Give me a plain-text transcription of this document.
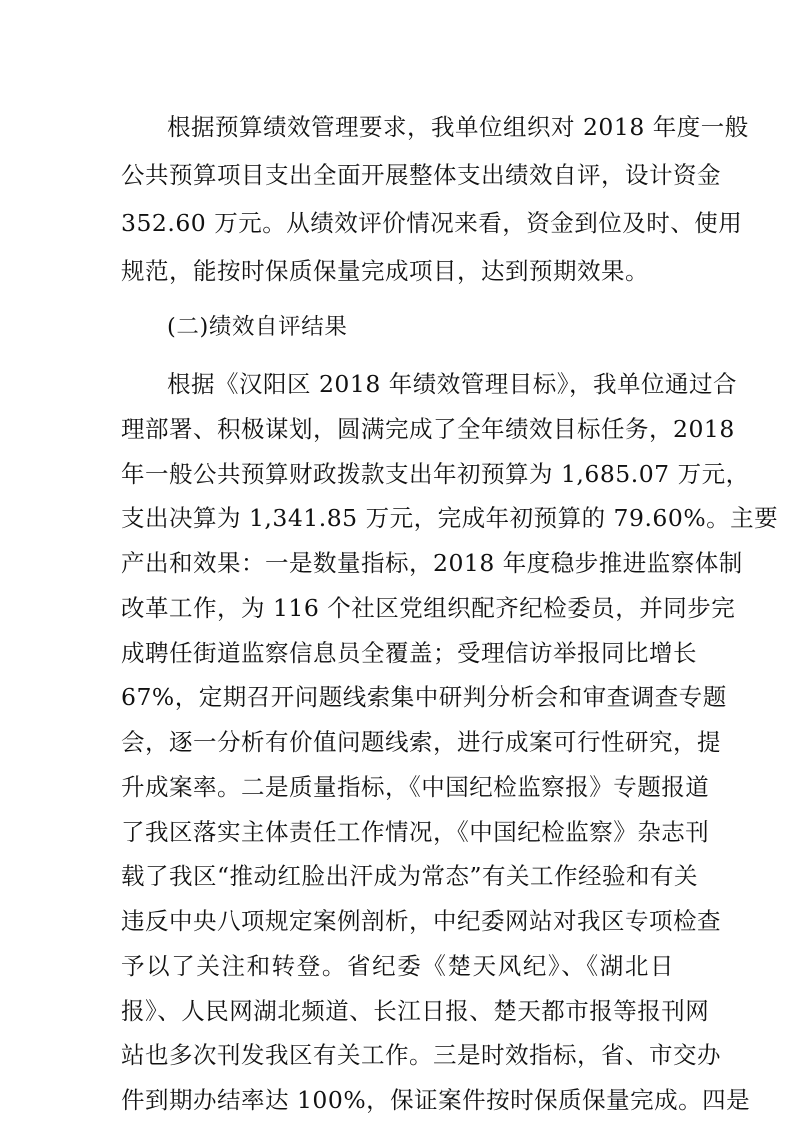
根据预算绩效管理要求，我单位组织对 2018 年度一般
公共预算项目支出全面开展整体支出绩效自评，设计资金
352.60 万元。从绩效评价情况来看，资金到位及时、使用
规范，能按时保质保量完成项目，达到预期效果。
(二)绩效自评结果
根据《汉阳区 2018 年绩效管理目标》，我单位通过合
理部署、积极谋划，圆满完成了全年绩效目标任务，2018
年一般公共预算财政拨款支出年初预算为 1,685.07 万元，
支出决算为 1,341.85 万元，完成年初预算的 79.60%。主要
产出和效果：一是数量指标，2018 年度稳步推进监察体制
改革工作，为 116 个社区党组织配齐纪检委员，并同步完
成聘任街道监察信息员全覆盖；受理信访举报同比增长
67%，定期召开问题线索集中研判分析会和审查调查专题
会，逐一分析有价值问题线索，进行成案可行性研究，提
升成案率。二是质量指标，《中国纪检监察报》专题报道
了我区落实主体责任工作情况，《中国纪检监察》杂志刊
载了我区“推动红脸出汗成为常态”有关工作经验和有关
违反中央八项规定案例剖析，中纪委网站对我区专项检查
予以了关注和转登。省纪委《楚天风纪》、《湖北日
报》、人民网湖北频道、长江日报、楚天都市报等报刊网
站也多次刊发我区有关工作。三是时效指标，省、市交办
件到期办结率达 100%，保证案件按时保质保量完成。四是
